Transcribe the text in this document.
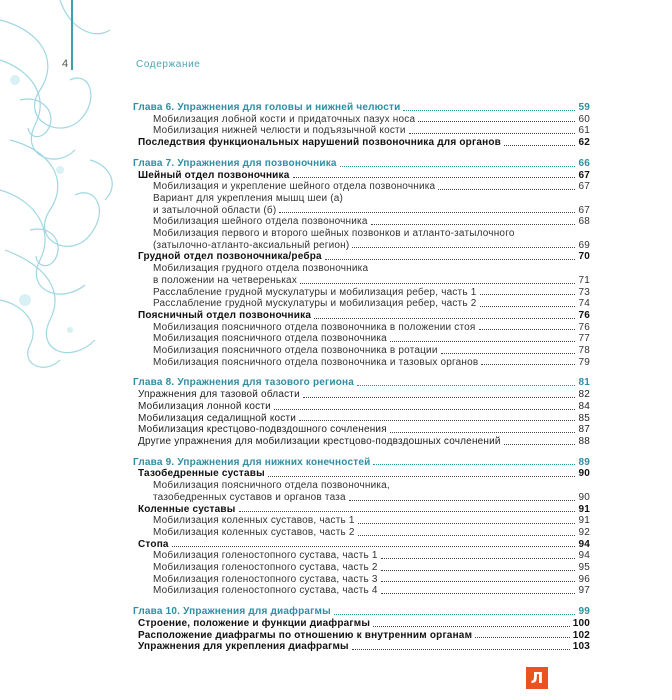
4	Содержание
Глава 6. Упражнения для головы и нижней челюсти	59
Мобилизация лобной кости и придаточных пазух носа	60
Мобилизация нижней челюсти и подъязычной кости	61
Последствия функциональных нарушений позвоночника для органов	62
Глава 7. Упражнения для позвоночника	66
Шейный отдел позвоночника	67
Мобилизация и укрепление шейного отдела позвоночника	67
Вариант для укрепления мышц шеи (а)
и затылочной области (б)	67
Мобилизация шейного отдела позвоночника	68
Мобилизация первого и второго шейных позвонков и атланто-затылочного
(затылочно-атланто-аксиальный регион)	69
Грудной отдел позвоночника/ребра	70
Мобилизация грудного отдела позвоночника
в положении на четвереньках	71
Расслабление грудной мускулатуры и мобилизация ребер, часть 1	73
Расслабление грудной мускулатуры и мобилизация ребер, часть 2	74
Поясничный отдел позвоночника	76
Мобилизация поясничного отдела позвоночника в положении стоя	76
Мобилизация поясничного отдела позвоночника	77
Мобилизация поясничного отдела позвоночника в ротации	78
Мобилизация поясничного отдела позвоночника и тазовых органов	79
Глава 8. Упражнения для тазового региона	81
Упражнения для тазовой области	82
Мобилизация лонной кости	84
Мобилизация седалищной кости	85
Мобилизация крестцово-подвздошного сочленения	87
Другие упражнения для мобилизации крестцово-подвздошных сочленений	88
Глава 9. Упражнения для нижних конечностей	89
Тазобедренные суставы	90
Мобилизация поясничного отдела позвоночника,
тазобедренных суставов и органов таза	90
Коленные суставы	91
Мобилизация коленных суставов, часть 1	91
Мобилизация коленных суставов, часть 2	92
Стопа	94
Мобилизация голеностопного сустава, часть 1	94
Мобилизация голеностопного сустава, часть 2	95
Мобилизация голеностопного сустава, часть 3	96
Мобилизация голеностопного сустава, часть 4	97
Глава 10. Упражнения для диафрагмы	99
Строение, положение и функции диафрагмы	100
Расположение диафрагмы по отношению к внутренним органам	102
Упражнения для укрепления диафрагмы	103
Л
